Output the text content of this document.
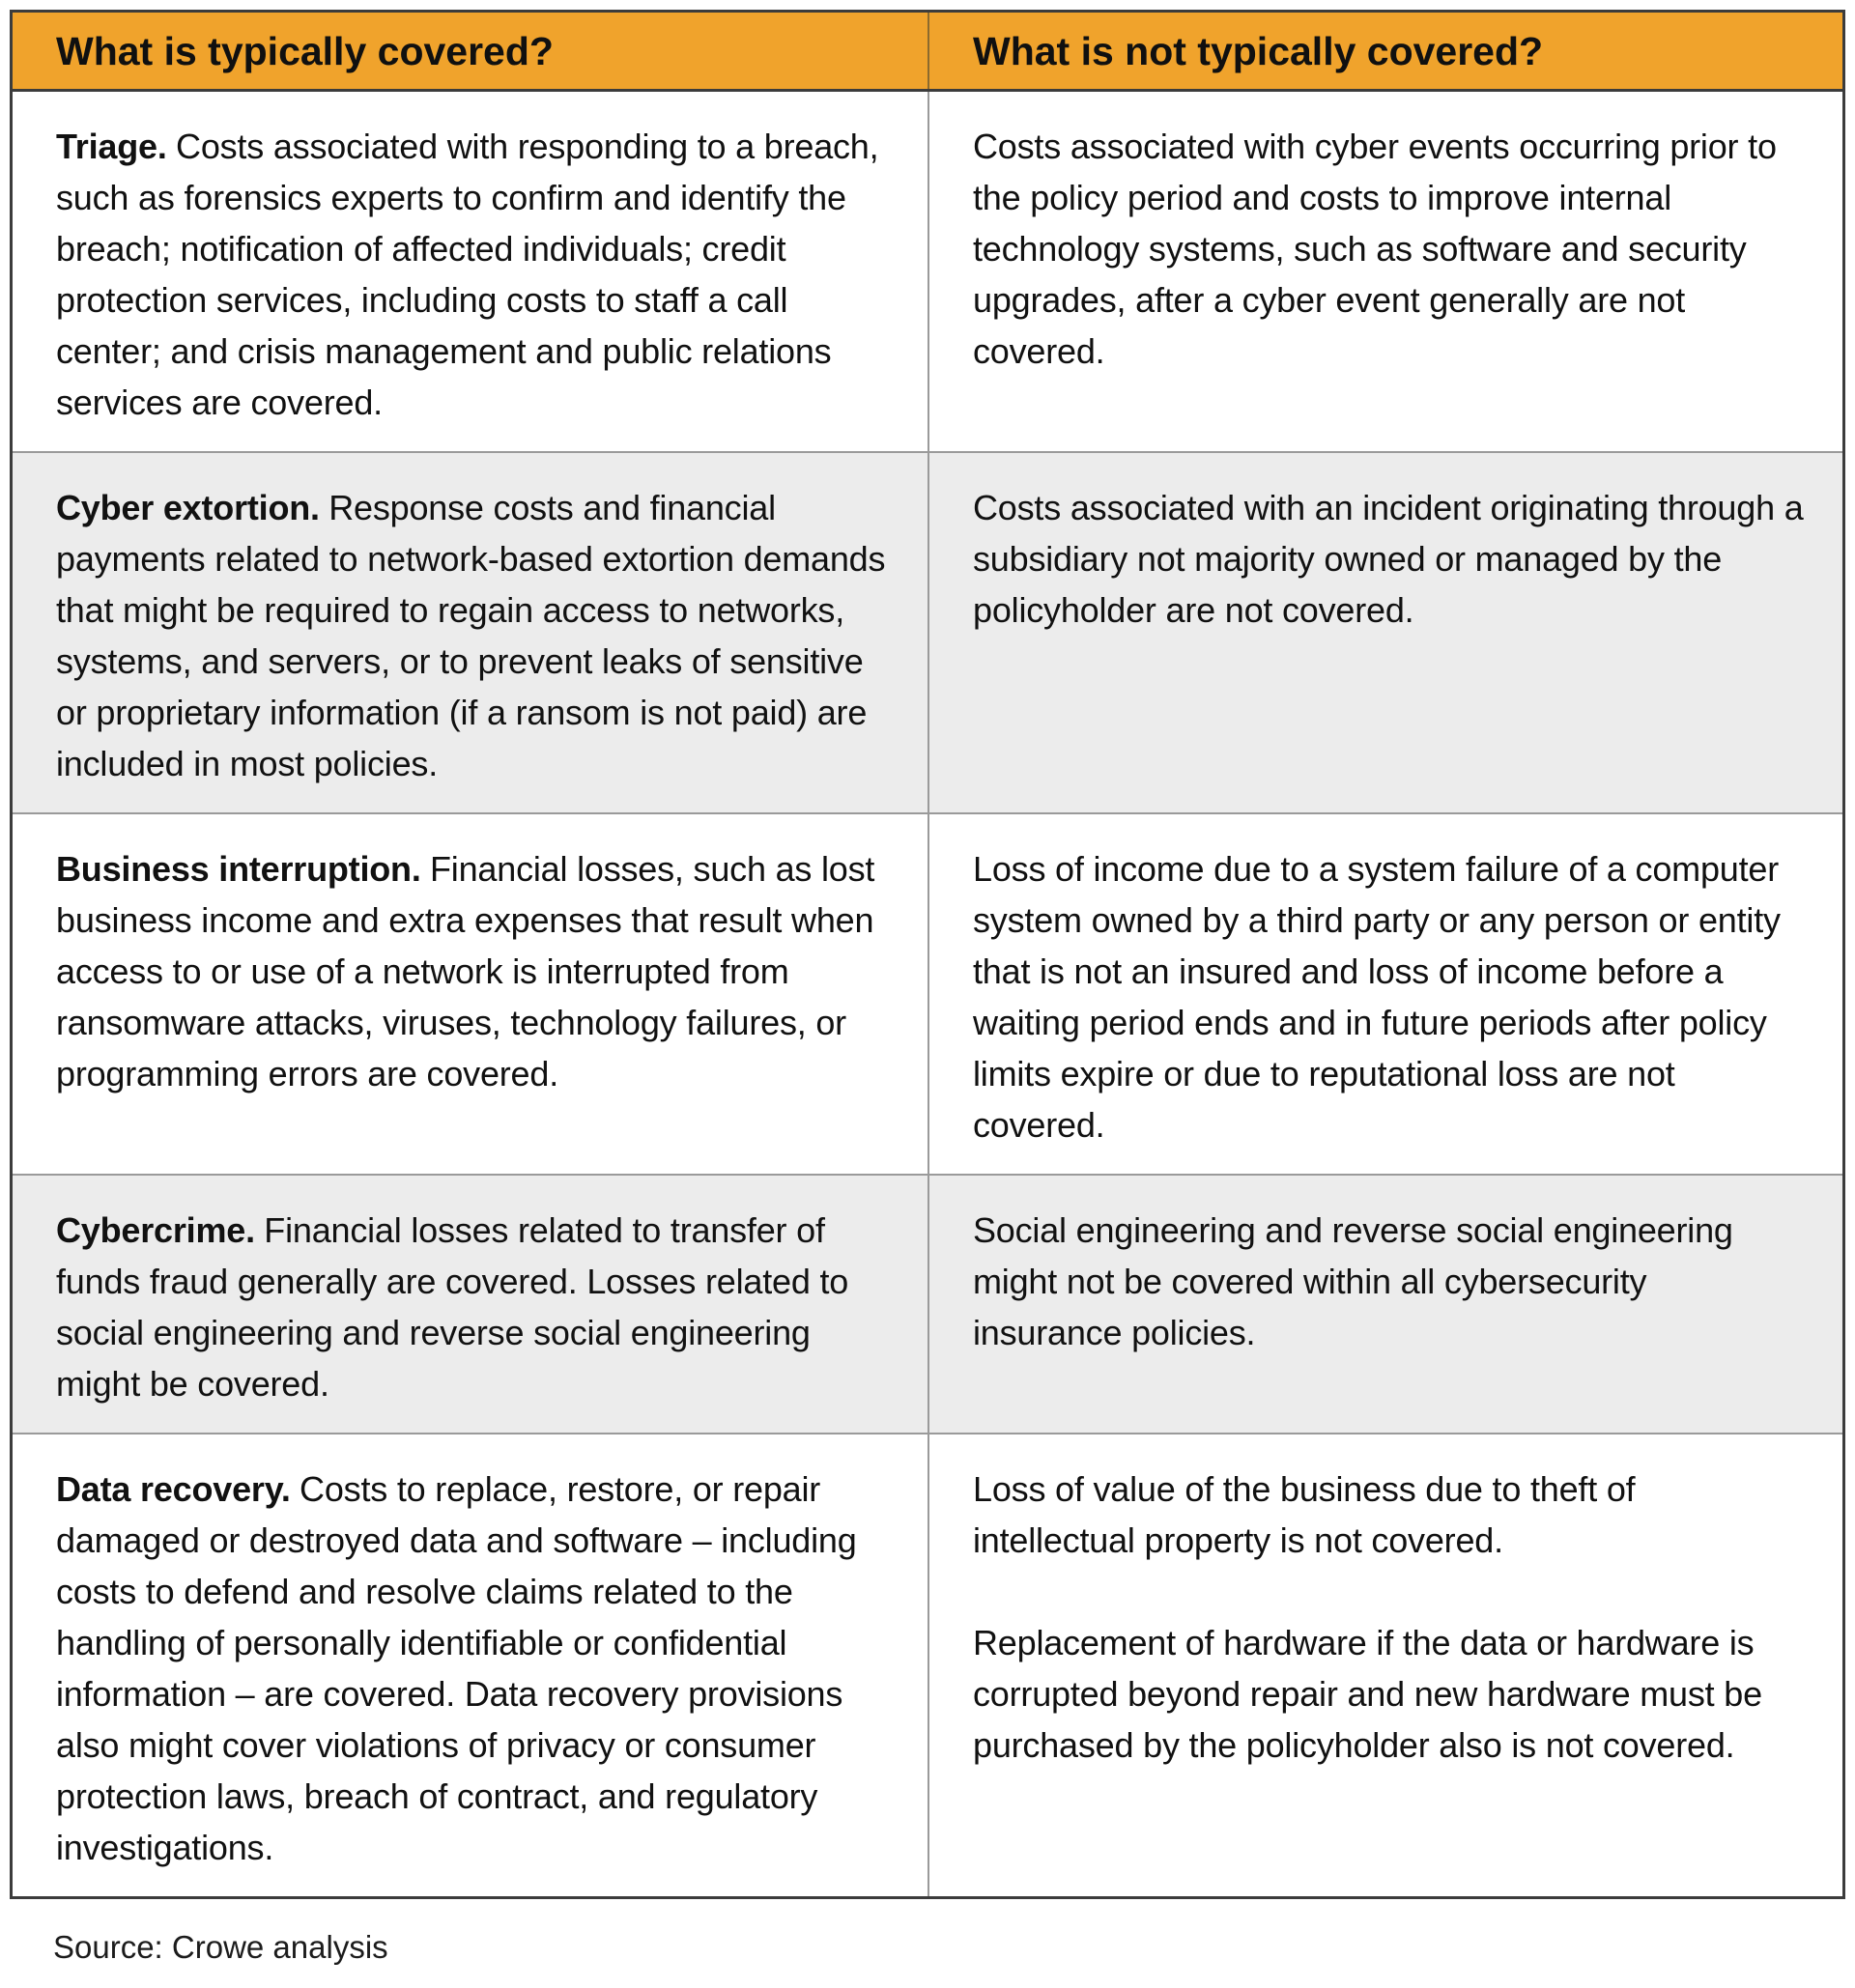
What is typically covered?	What is not typically covered?

Triage. Costs associated with responding to a breach, such as forensics experts to confirm and identify the breach; notification of affected individuals; credit protection services, including costs to staff a call center; and crisis management and public relations services are covered.

Costs associated with cyber events occurring prior to the policy period and costs to improve internal technology systems, such as software and security upgrades, after a cyber event generally are not covered.

Cyber extortion. Response costs and financial payments related to network-based extortion demands that might be required to regain access to networks, systems, and servers, or to prevent leaks of sensitive or proprietary information (if a ransom is not paid) are included in most policies.

Costs associated with an incident originating through a subsidiary not majority owned or managed by the policyholder are not covered.

Business interruption. Financial losses, such as lost business income and extra expenses that result when access to or use of a network is interrupted from ransomware attacks, viruses, technology failures, or programming errors are covered.

Loss of income due to a system failure of a computer system owned by a third party or any person or entity that is not an insured and loss of income before a waiting period ends and in future periods after policy limits expire or due to reputational loss are not covered.

Cybercrime. Financial losses related to transfer of funds fraud generally are covered. Losses related to social engineering and reverse social engineering might be covered.

Social engineering and reverse social engineering might not be covered within all cybersecurity insurance policies.

Data recovery. Costs to replace, restore, or repair damaged or destroyed data and software – including costs to defend and resolve claims related to the handling of personally identifiable or confidential information – are covered. Data recovery provisions also might cover violations of privacy or consumer protection laws, breach of contract, and regulatory investigations.

Loss of value of the business due to theft of intellectual property is not covered.

Replacement of hardware if the data or hardware is corrupted beyond repair and new hardware must be purchased by the policyholder also is not covered.

Source: Crowe analysis
